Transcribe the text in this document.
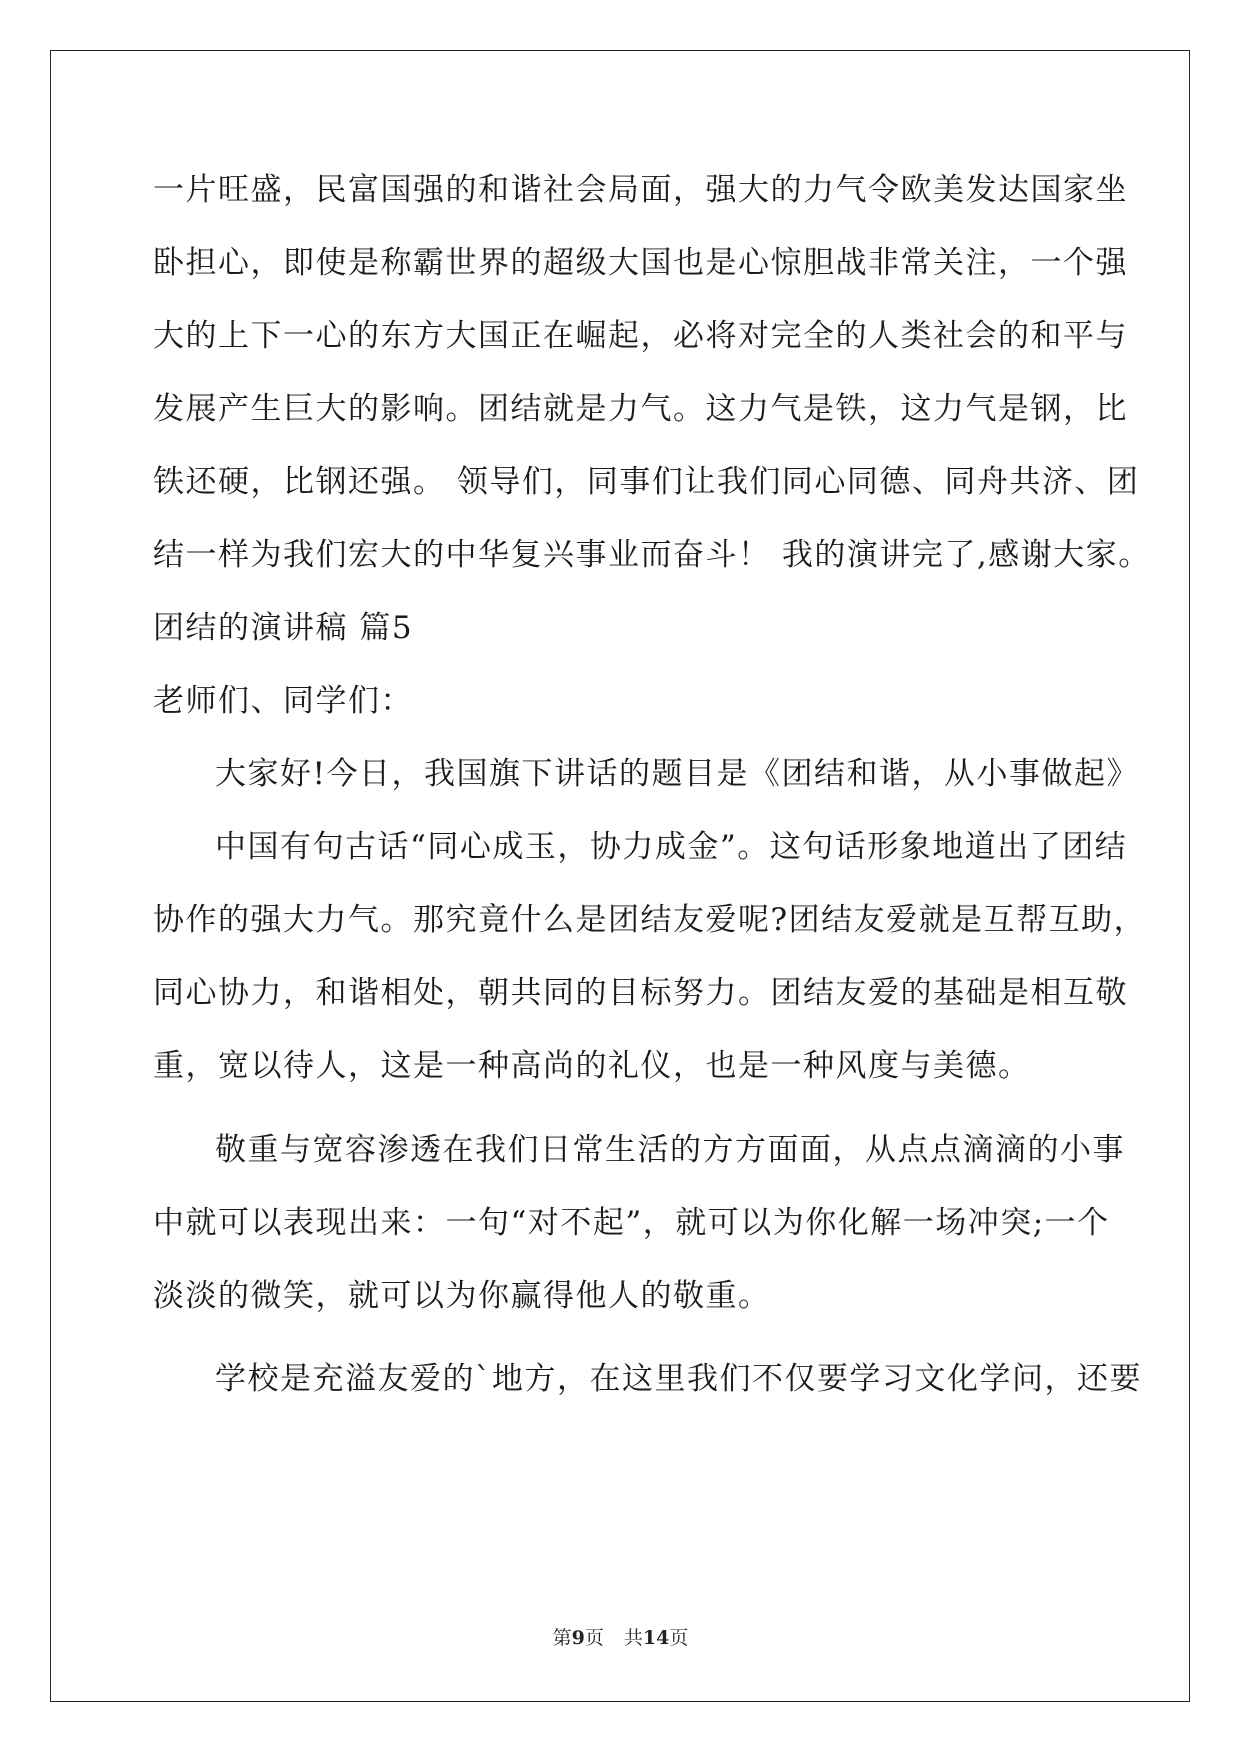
一片旺盛，民富国强的和谐社会局面，强大的力气令欧美发达国家坐
卧担心，即使是称霸世界的超级大国也是心惊胆战非常关注，一个强
大的上下一心的东方大国正在崛起，必将对完全的人类社会的和平与
发展产生巨大的影响。团结就是力气。这力气是铁，这力气是钢，比
铁还硬，比钢还强。 领导们，同事们让我们同心同德、同舟共济、团
结一样为我们宏大的中华复兴事业而奋斗！ 我的演讲完了,感谢大家。
团结的演讲稿 篇5
老师们、同学们：
大家好!今日，我国旗下讲话的题目是《团结和谐，从小事做起》
中国有句古话“同心成玉，协力成金”。这句话形象地道出了团结
协作的强大力气。那究竟什么是团结友爱呢?团结友爱就是互帮互助，
同心协力，和谐相处，朝共同的目标努力。团结友爱的基础是相互敬
重，宽以待人，这是一种高尚的礼仪，也是一种风度与美德。
敬重与宽容渗透在我们日常生活的方方面面，从点点滴滴的小事
中就可以表现出来：一句“对不起”，就可以为你化解一场冲突;一个
淡淡的微笑，就可以为你赢得他人的敬重。
学校是充溢友爱的`地方，在这里我们不仅要学习文化学问，还要
第9页 共14页
